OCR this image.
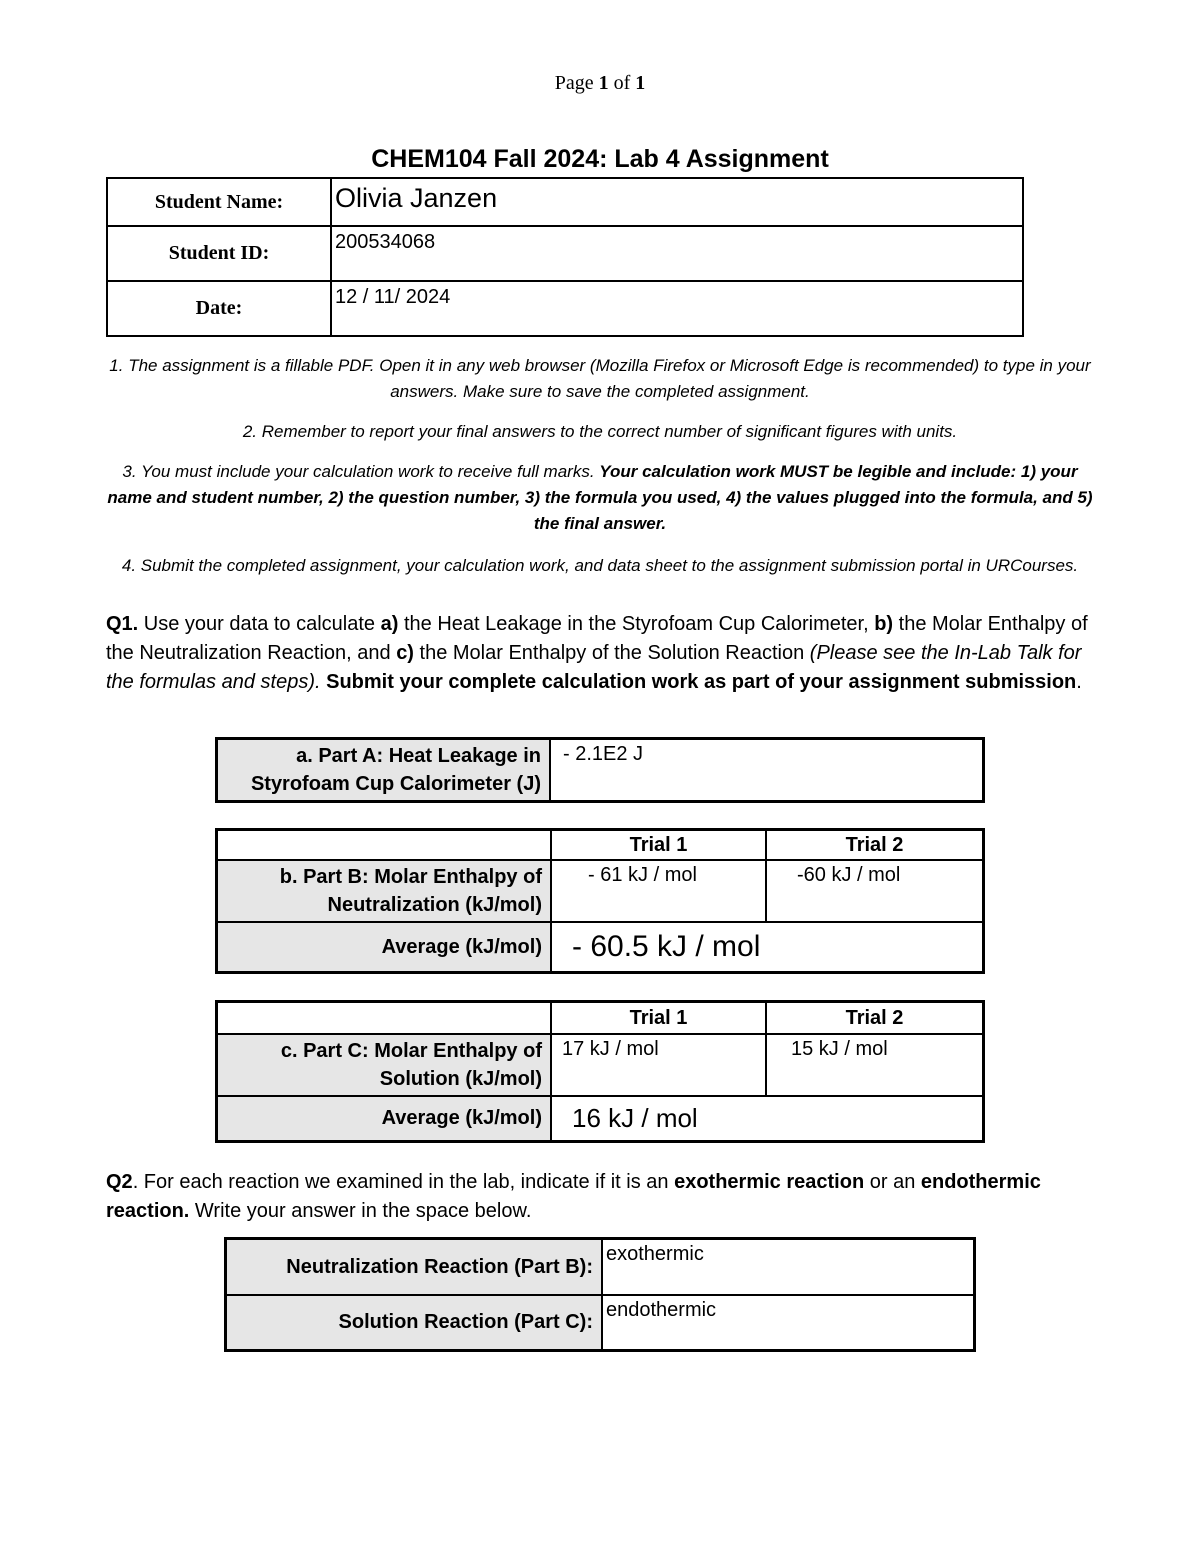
Page 1 of 1
CHEM104 Fall 2024: Lab 4 Assignment
Student Name:	Olivia Janzen
Student ID:	200534068
Date:	12 / 11/ 2024
1. The assignment is a fillable PDF. Open it in any web browser (Mozilla Firefox or Microsoft Edge is recommended) to type in your answers. Make sure to save the completed assignment.
2. Remember to report your final answers to the correct number of significant figures with units.
3. You must include your calculation work to receive full marks. Your calculation work MUST be legible and include: 1) your name and student number, 2) the question number, 3) the formula you used, 4) the values plugged into the formula, and 5) the final answer.
4. Submit the completed assignment, your calculation work, and data sheet to the assignment submission portal in URCourses.
Q1. Use your data to calculate a) the Heat Leakage in the Styrofoam Cup Calorimeter, b) the Molar Enthalpy of the Neutralization Reaction, and c) the Molar Enthalpy of the Solution Reaction (Please see the In-Lab Talk for the formulas and steps). Submit your complete calculation work as part of your assignment submission.
a. Part A: Heat Leakage in Styrofoam Cup Calorimeter (J)	- 2.1E2 J
	Trial 1	Trial 2
b. Part B: Molar Enthalpy of Neutralization (kJ/mol)	- 61 kJ / mol	-60 kJ / mol
Average (kJ/mol)	- 60.5 kJ / mol	
	Trial 1	Trial 2
c. Part C: Molar Enthalpy of Solution (kJ/mol)	17 kJ / mol	15 kJ / mol
Average (kJ/mol)	16 kJ / mol	
Q2. For each reaction we examined in the lab, indicate if it is an exothermic reaction or an endothermic reaction. Write your answer in the space below.
Neutralization Reaction (Part B):	exothermic
Solution Reaction (Part C):	endothermic
